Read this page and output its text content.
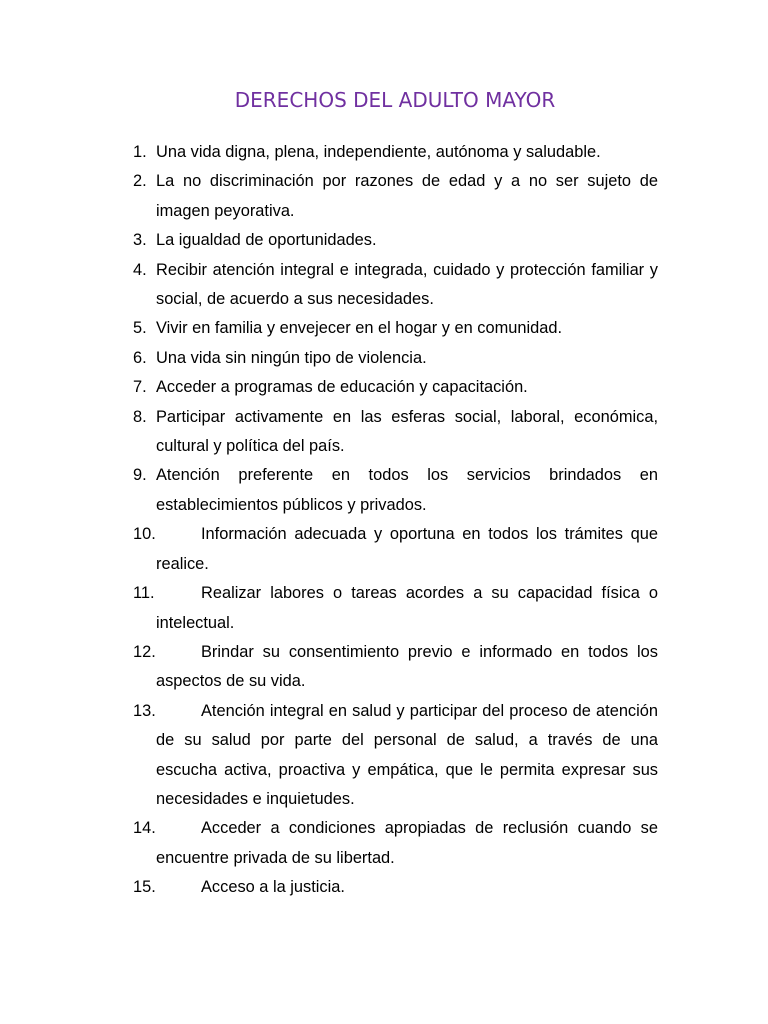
DERECHOS DEL ADULTO MAYOR
1. Una vida digna, plena, independiente, autónoma y saludable.
2. La no discriminación por razones de edad y a no ser sujeto de imagen peyorativa.
3. La igualdad de oportunidades.
4. Recibir atención integral e integrada, cuidado y protección familiar y social, de acuerdo a sus necesidades.
5. Vivir en familia y envejecer en el hogar y en comunidad.
6. Una vida sin ningún tipo de violencia.
7. Acceder a programas de educación y capacitación.
8. Participar activamente en las esferas social, laboral, económica, cultural y política del país.
9. Atención preferente en todos los servicios brindados en establecimientos públicos y privados.
10.	Información adecuada y oportuna en todos los trámites que realice.
11.	Realizar labores o tareas acordes a su capacidad física o intelectual.
12.	Brindar su consentimiento previo e informado en todos los aspectos de su vida.
13.	Atención integral en salud y participar del proceso de atención de su salud por parte del personal de salud, a través de una escucha activa, proactiva y empática, que le permita expresar sus necesidades e inquietudes.
14.	Acceder a condiciones apropiadas de reclusión cuando se encuentre privada de su libertad.
15.	Acceso a la justicia.
